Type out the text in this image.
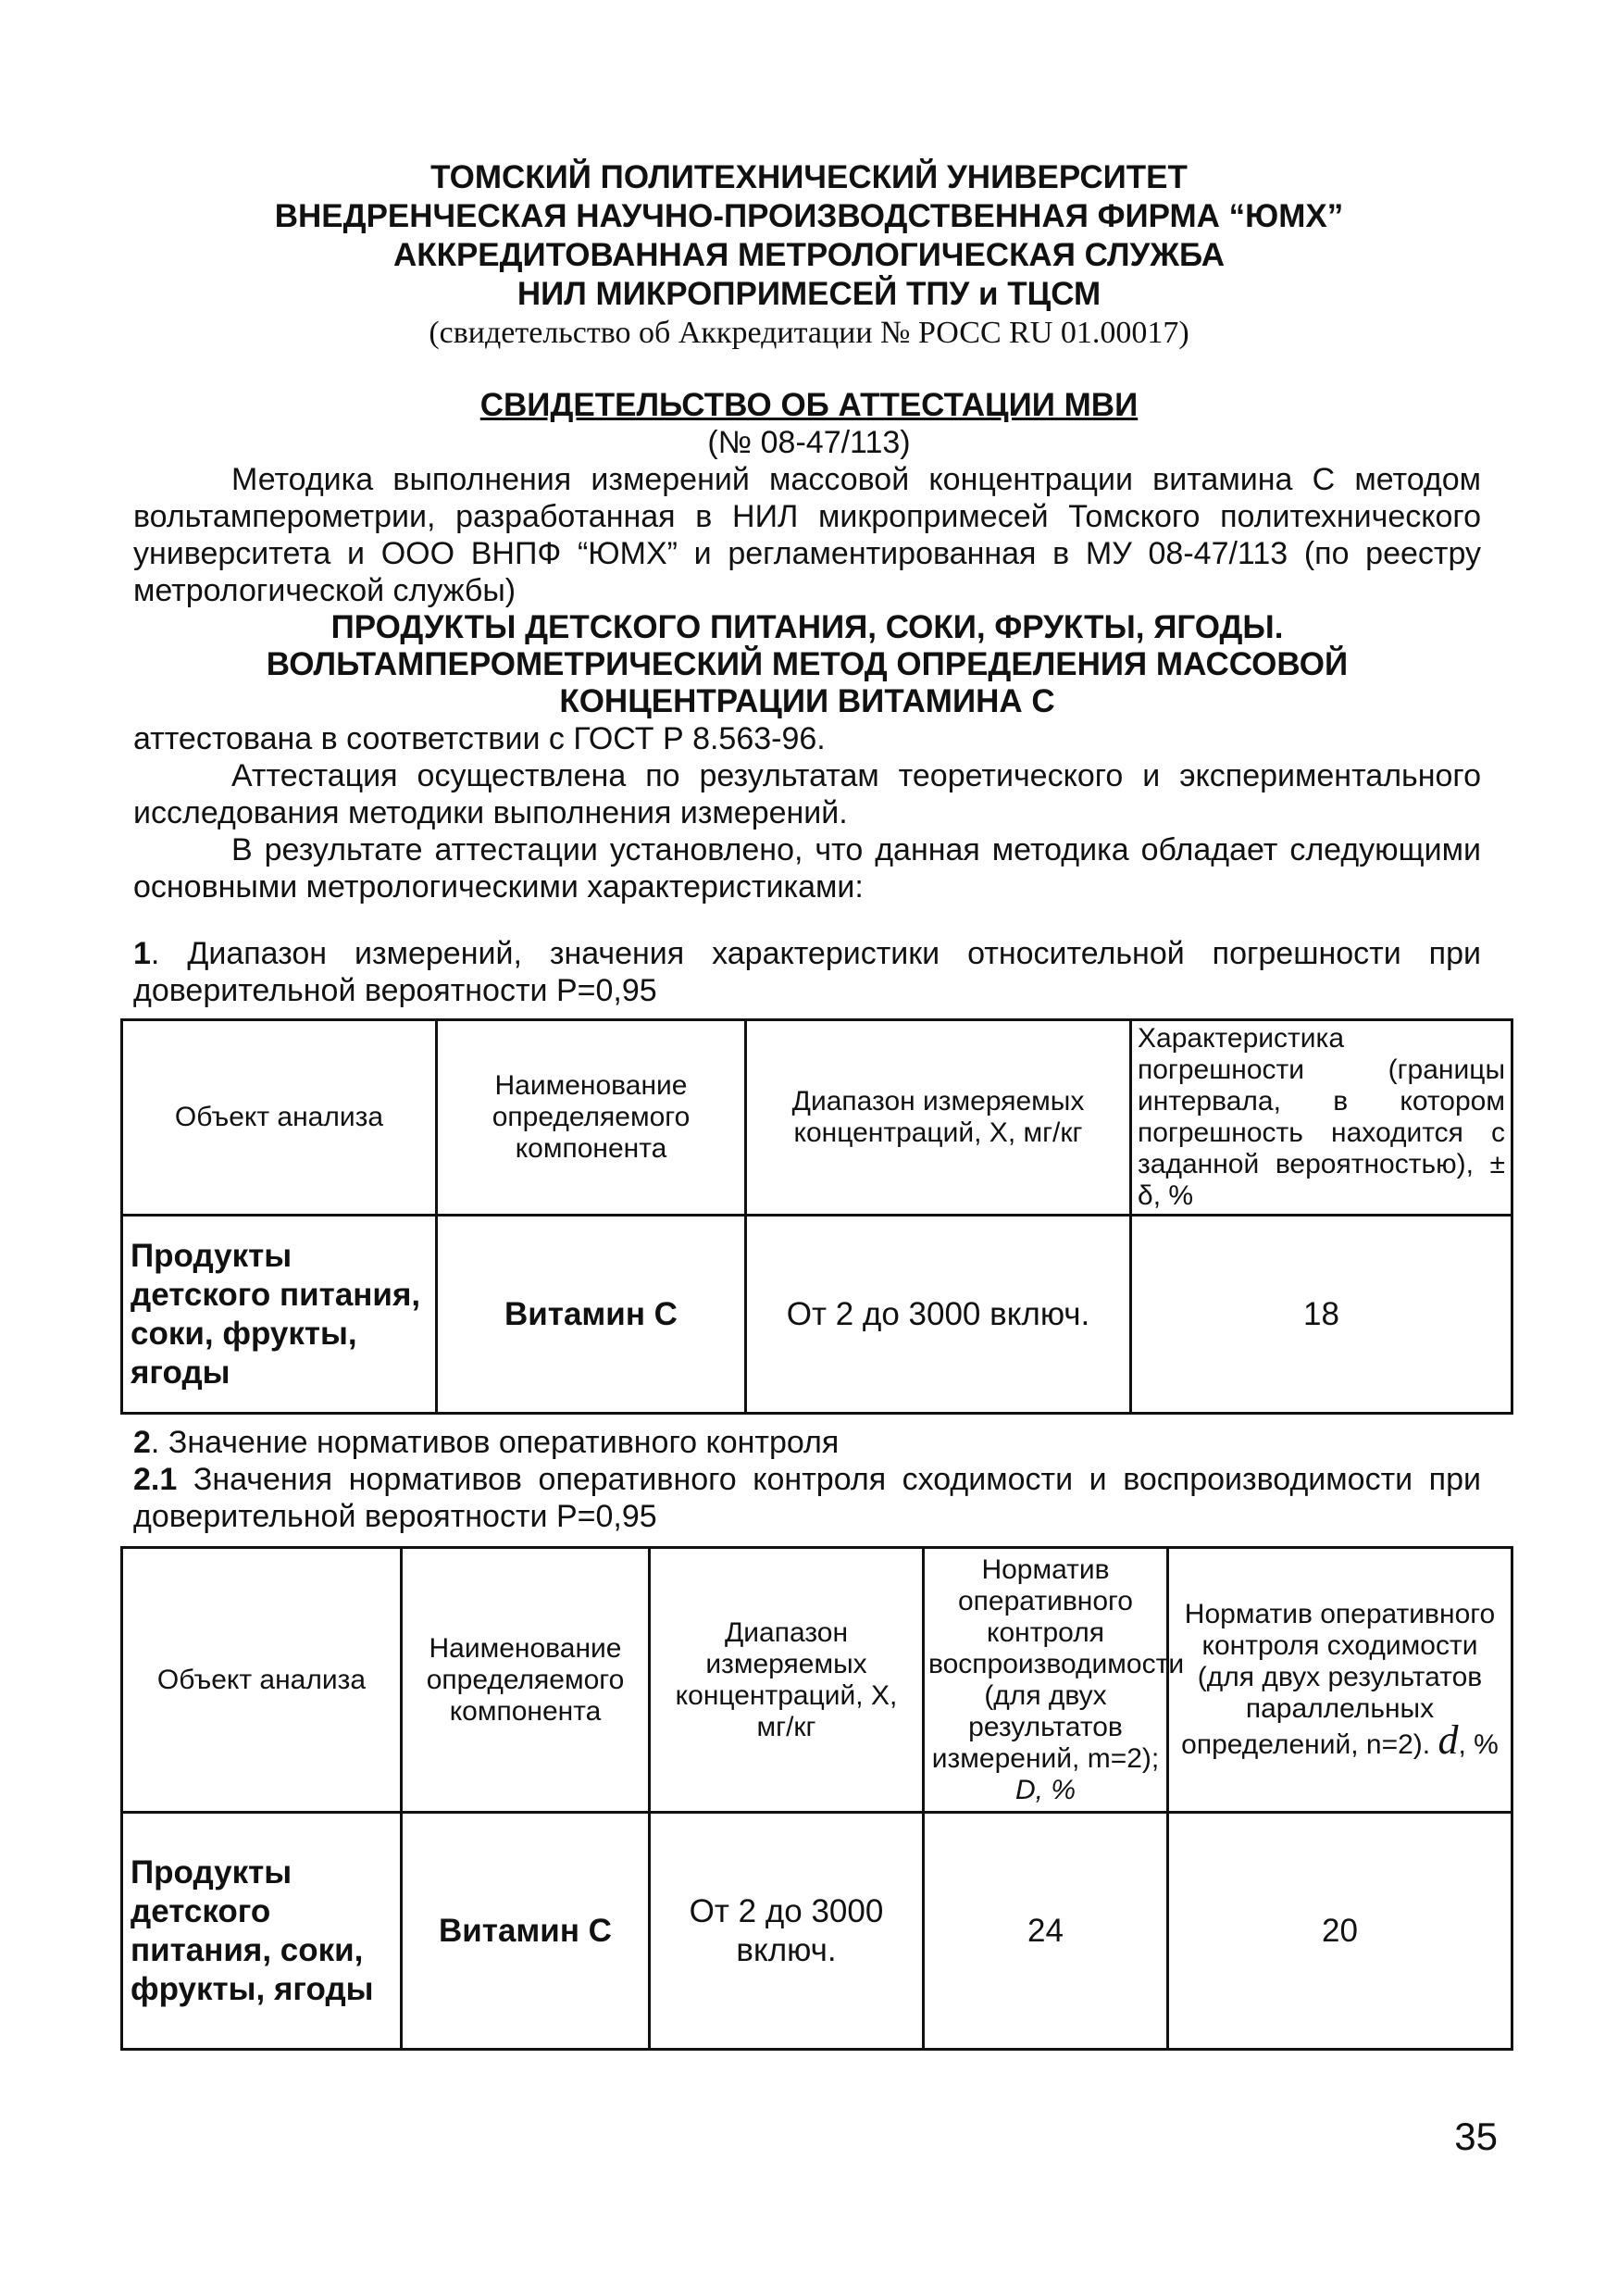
ТОМСКИЙ ПОЛИТЕХНИЧЕСКИЙ УНИВЕРСИТЕТ
ВНЕДРЕНЧЕСКАЯ НАУЧНО-ПРОИЗВОДСТВЕННАЯ ФИРМА “ЮМХ”
АККРЕДИТОВАННАЯ МЕТРОЛОГИЧЕСКАЯ СЛУЖБА
НИЛ МИКРОПРИМЕСЕЙ ТПУ и ТЦСМ
(свидетельство об Аккредитации № РОСС RU 01.00017)
СВИДЕТЕЛЬСТВО ОБ АТТЕСТАЦИИ МВИ
(№ 08-47/113)
Методика выполнения измерений массовой концентрации витамина С методом вольтамперометрии, разработанная в НИЛ микропримесей Томского политехнического университета и ООО ВНПФ “ЮМХ” и регламентированная в МУ 08-47/113 (по реестру метрологической службы)
ПРОДУКТЫ ДЕТСКОГО ПИТАНИЯ, СОКИ, ФРУКТЫ, ЯГОДЫ.
ВОЛЬТАМПЕРОМЕТРИЧЕСКИЙ МЕТОД ОПРЕДЕЛЕНИЯ МАССОВОЙ
КОНЦЕНТРАЦИИ ВИТАМИНА С
аттестована в соответствии с ГОСТ Р 8.563-96.
Аттестация осуществлена по результатам теоретического и экспериментального исследования методики выполнения измерений.
В результате аттестации установлено, что данная методика обладает следующими основными метрологическими характеристиками:
1. Диапазон измерений, значения характеристики относительной погрешности при доверительной вероятности Р=0,95
Объект анализа	Наименование определяемого компонента	Диапазон измеряемых концентраций, Х, мг/кг	Характеристика погрешности (границы интервала, в котором погрешность находится с заданной вероятностью), ± δ, %
Продукты детского питания, соки, фрукты, ягоды	Витамин С	От 2 до 3000 включ.	18
2. Значение нормативов оперативного контроля
2.1 Значения нормативов оперативного контроля сходимости и воспроизводимости при доверительной вероятности Р=0,95
Объект анализа	Наименование определяемого компонента	Диапазон измеряемых концентраций, Х, мг/кг	Норматив оперативного контроля воспроизводимости (для двух результатов измерений, m=2); D, %	Норматив оперативного контроля сходимости (для двух результатов параллельных определений, n=2). d, %
Продукты детского питания, соки, фрукты, ягоды	Витамин С	От 2 до 3000 включ.	24	20
35
